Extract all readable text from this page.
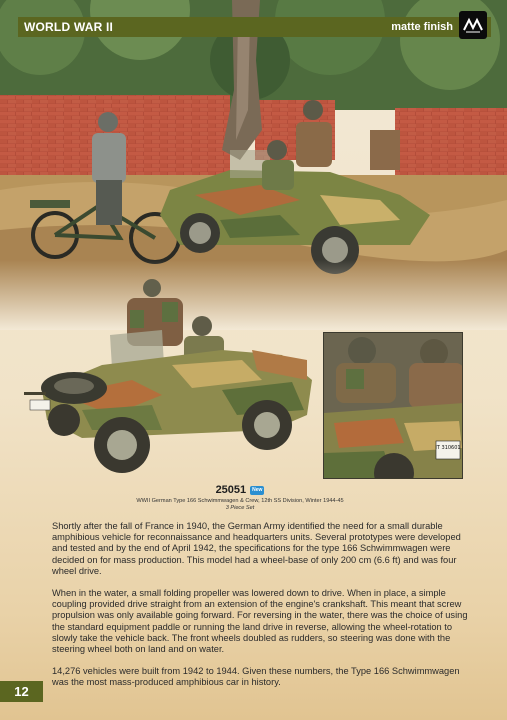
IT 310601
WORLD WAR II	matte finish
25051	New
WWII German Type 166 Schwimmwagen & Crew, 12th SS Division, Winter 1944-45
3 Piece Set

Shortly after the fall of France in 1940, the German Army identified the need for a small durable amphibious vehicle for reconnaissance and headquarters units. Several prototypes were developed and tested and by the end of April 1942, the specifications for the type 166 Schwimmwagen were decided on for mass production. This model had a wheel-base of only 200 cm (6.6 ft) and was four wheel drive.

When in the water, a small folding propeller was lowered down to drive. When in place, a simple coupling provided drive straight from an extension of the engine's crankshaft. This meant that screw propulsion was only available going forward. For reversing in the water, there was the choice of using the standard equipment paddle or running the land drive in reverse, allowing the wheel-rotation to slowly take the vehicle back. The front wheels doubled as rudders, so steering was done with the steering wheel both on land and on water.

14,276 vehicles were built from 1942 to 1944. Given these numbers, the Type 166 Schwimmwagen was the most mass-produced amphibious car in history.

12
